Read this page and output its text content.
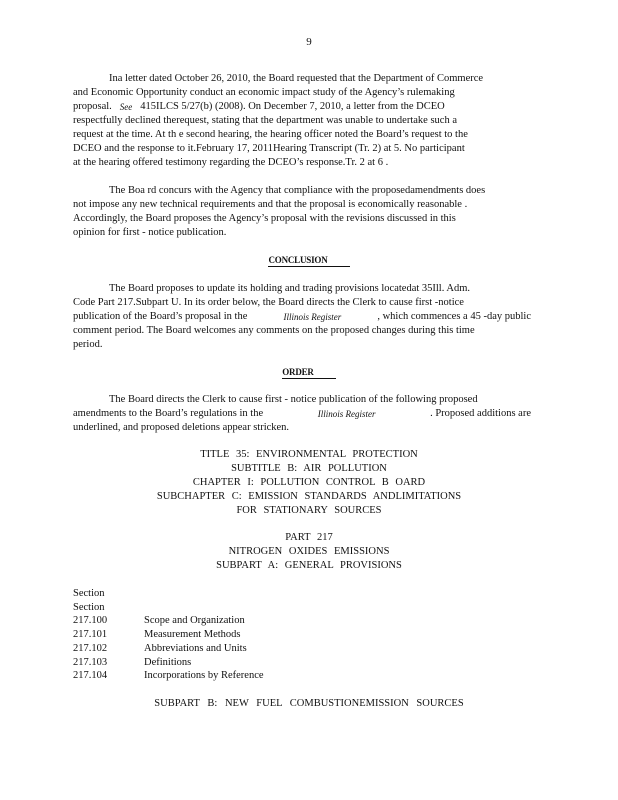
9
Ina letter dated October 26, 2010, the Board requested that the Department of Commerce
and Economic Opportunity conduct an economic impact study of the Agency’s rulemaking
proposal. See 415ILCS 5/27(b) (2008). On December 7, 2010, a letter from the DCEO
respectfully declined therequest, stating that the department was unable to undertake such a
request at the time. At th e second hearing, the hearing officer noted the Board’s request to the
DCEO and the response to it.February 17, 2011Hearing Transcript (Tr. 2) at 5. No participant
at the hearing offered testimony regarding the DCEO’s response.Tr. 2 at 6 .
The Boa rd concurs with the Agency that compliance with the proposedamendments does
not impose any new technical requirements and that the proposal is economically reasonable .
Accordingly, the Board proposes the Agency’s proposal with the revisions discussed in this
opinion for first - notice publication.
CONCLUSION
The Board proposes to update its holding and trading provisions locatedat 35Ill. Adm.
Code Part 217.Subpart U. In its order below, the Board directs the Clerk to cause first -notice
publication of the Board’s proposal in the	Illinois Register	, which commences a 45 -day public
comment period. The Board welcomes any comments on the proposed changes during this time
period.
ORDER
The Board directs the Clerk to cause first - notice publication of the following proposed
amendments to the Board’s regulations in the	Illinois Register	. Proposed additions are
underlined, and proposed deletions appear stricken.
TITLE 35: ENVIRONMENTAL PROTECTION
SUBTITLE B: AIR POLLUTION
CHAPTER I: POLLUTION CONTROL B OARD
SUBCHAPTER C: EMISSION STANDARDS ANDLIMITATIONS
FOR STATIONARY SOURCES
PART 217
NITROGEN OXIDES EMISSIONS
SUBPART A: GENERAL PROVISIONS
Section
Section
217.100	Scope and Organization
217.101	Measurement Methods
217.102	Abbreviations and Units
217.103	Definitions
217.104	Incorporations by Reference
SUBPART B: NEW FUEL COMBUSTIONEMISSION SOURCES
